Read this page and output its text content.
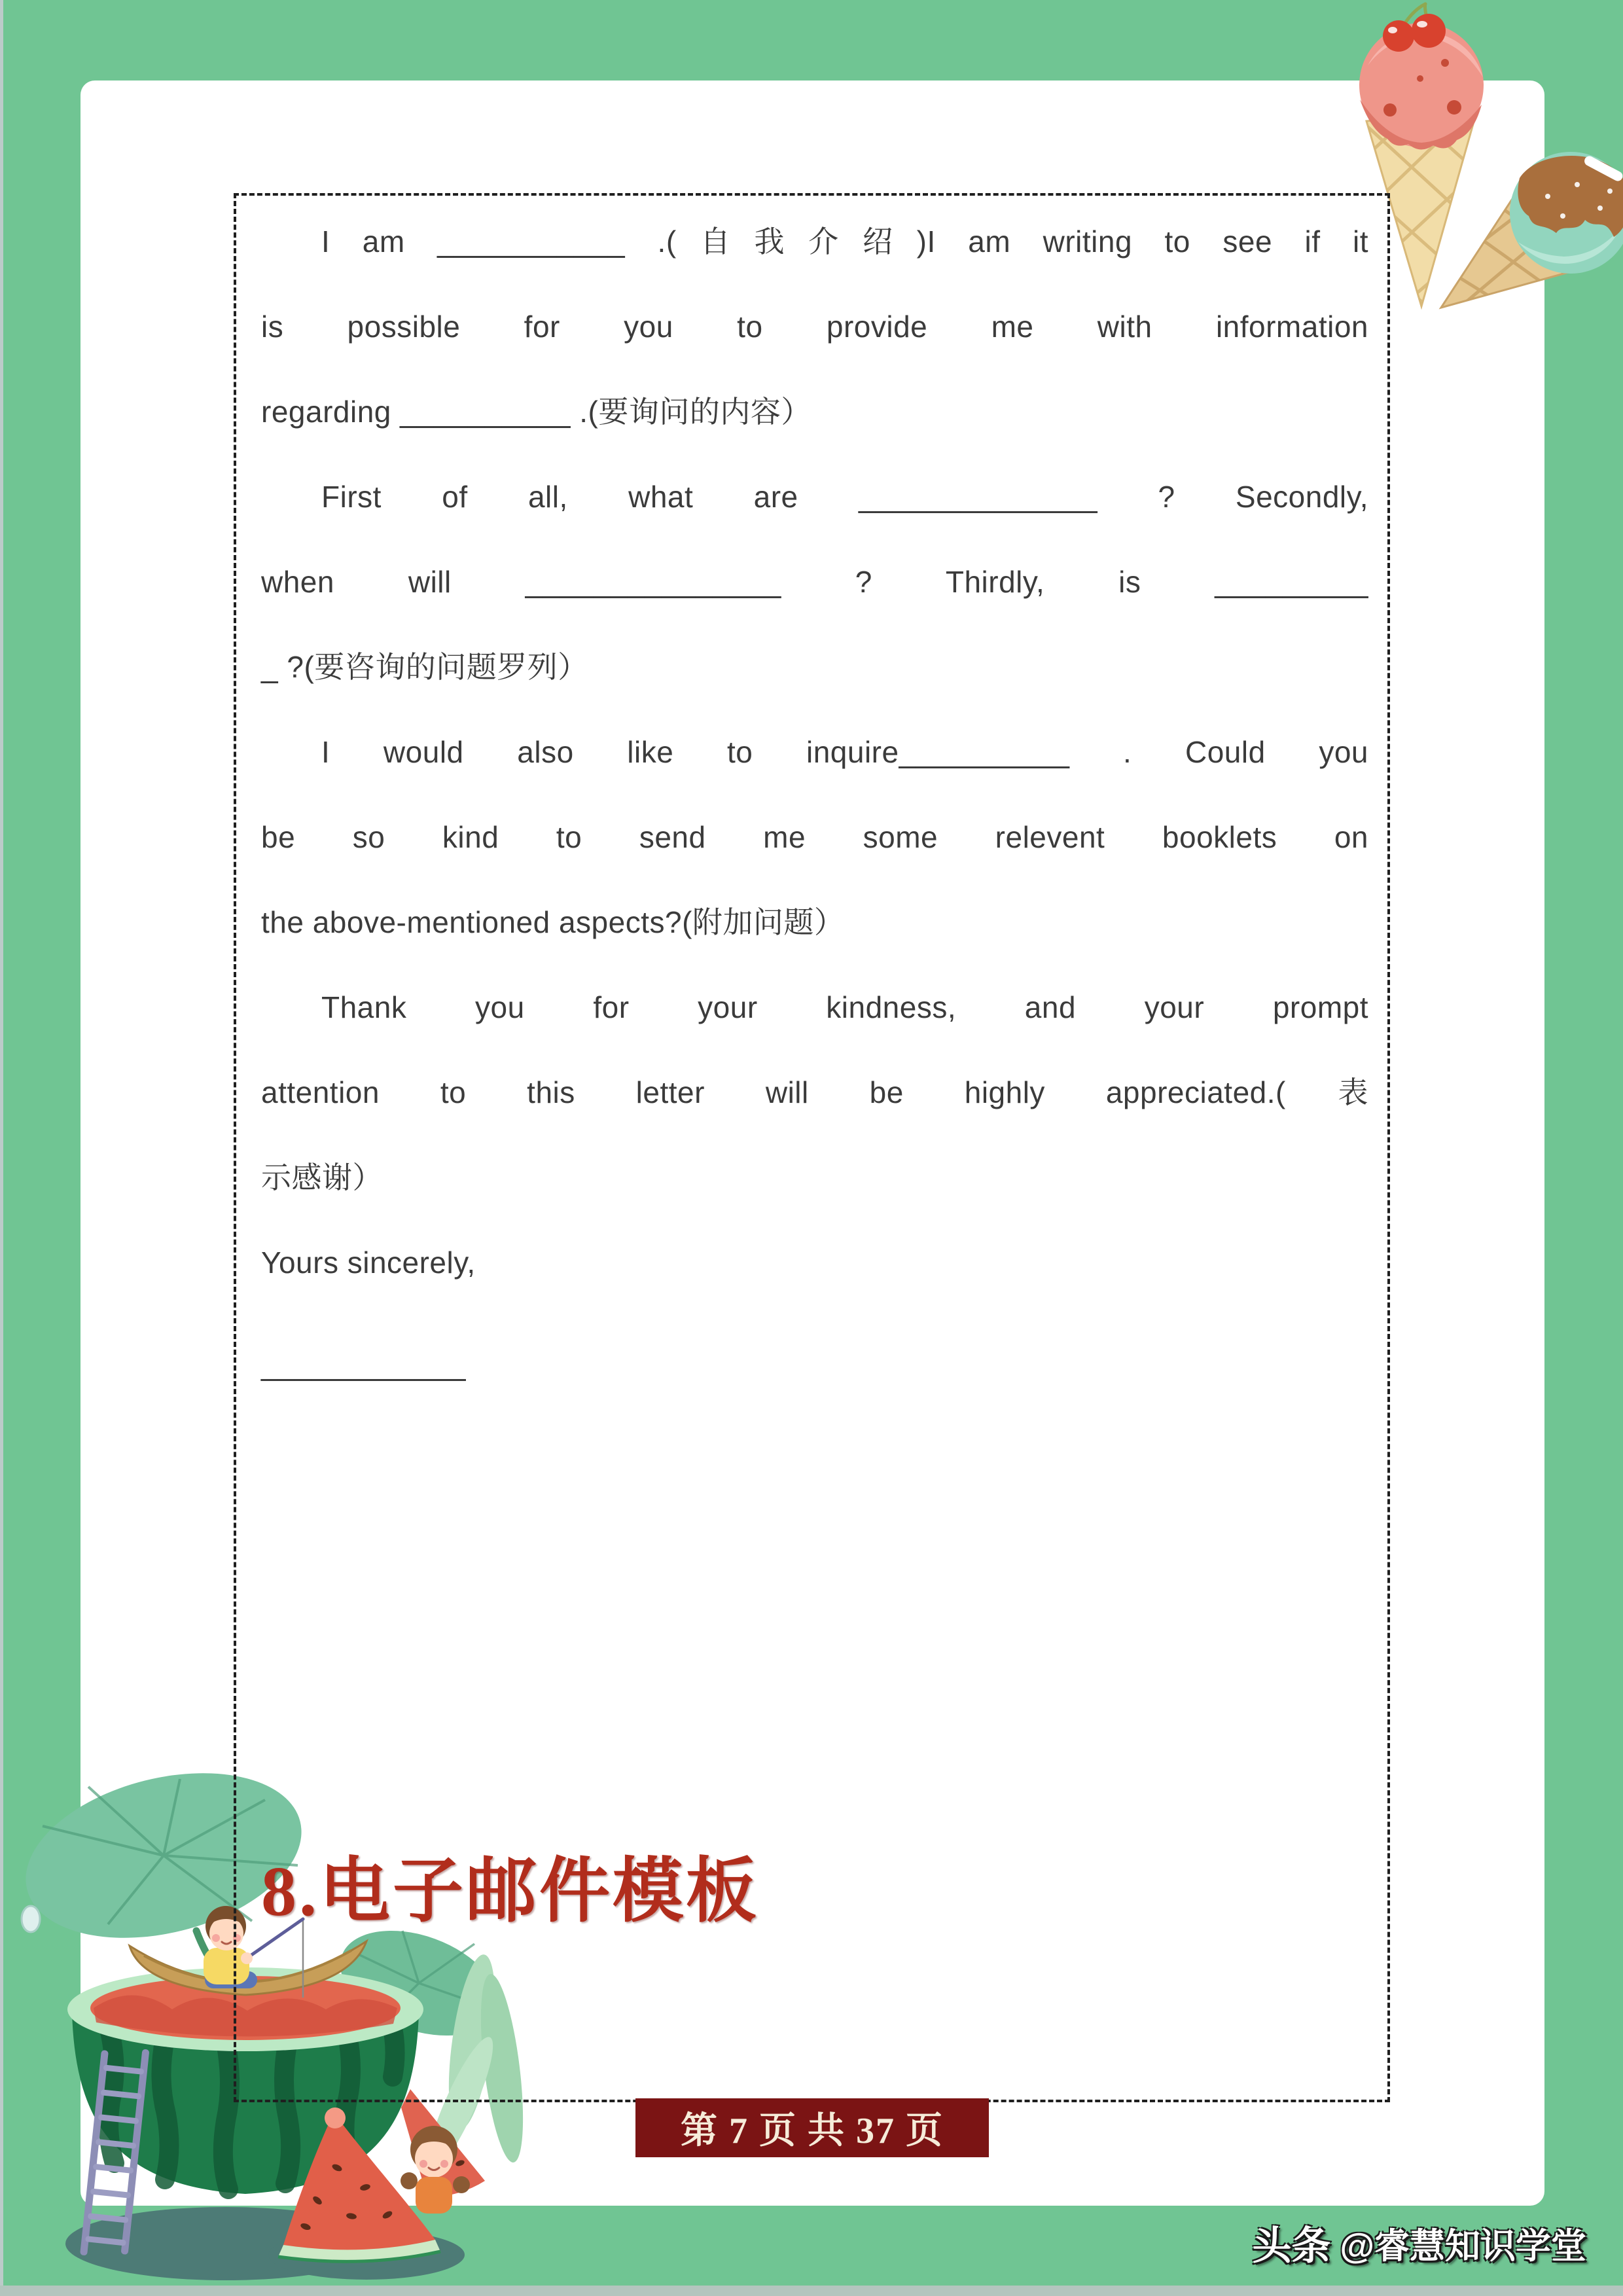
I am ___________ .(自我介绍)I am writing to see if it
is possible for you to provide me with information
regarding __________ .(要询问的内容）
First of all, what are ______________ ? Secondly,
when will _______________ ? Thirdly, is _________
_ ?(要咨询的问题罗列）
I would also like to inquire__________ . Could you
be so kind to send me some relevent booklets on
the above-mentioned aspects?(附加问题）
Thank you for your kindness, and your prompt
attention to this letter will be highly appreciated.(表
示感谢）
Yours sincerely,
____________
8.电子邮件模板
第 7 页 共 37 页
头条 @睿慧知识学堂
